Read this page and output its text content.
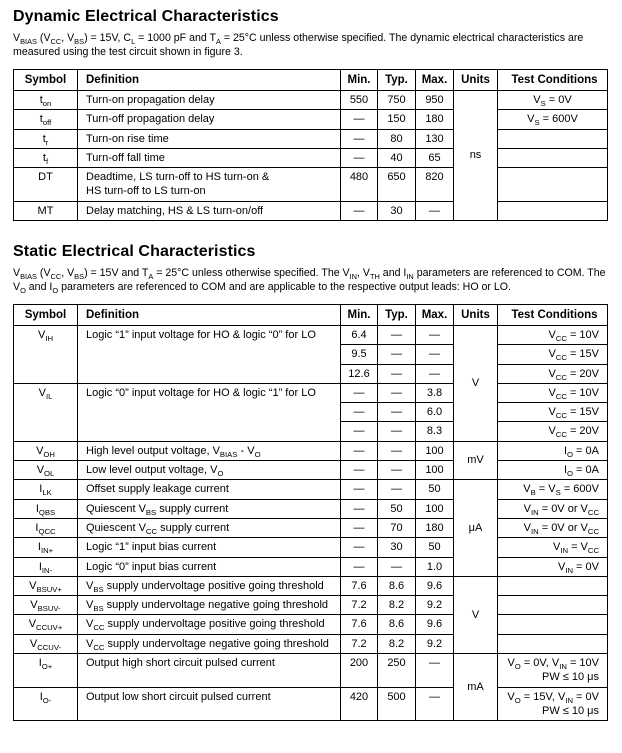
Dynamic Electrical Characteristics

$V_{BIAS}$ ($V_{CC}$, $V_{BS}) = 15V$, $C_L = 1000$ pF and $T_A = 25^\circ C$ unless otherwise specified. The dynamic electrical characteristics are measured using the test circuit shown in figure 3.

Symbol	Definition	Min.	Typ.	Max.	Units	Test Conditions
$t_{on}$	Turn-on propagation delay	550	750	950	ns	$V_S = 0V$
$t_{off}$	Turn-off propagation delay	—	150	180		$V_S = 600V$
$t_r$	Turn-on rise time	—	80	130		
$t_f$	Turn-off fall time	—	40	65		
DT	Deadtime, LS turn-off to HS turn-on &
HS turn-off to LS turn-on	480	650	820		
MT	Delay matching, HS & LS turn-on/off	—	30	—		
Static Electrical Characteristics

$V_{BIAS}$ ($V_{CC}$, $V_{BS}) = 15V$ and $T_A = 25^\circ C$ unless otherwise specified. The $V_{IN}$, $V_{TH}$ and $I_{IN}$ parameters are referenced to COM. The $V_O$ and $I_O$ parameters are referenced to COM and are applicable to the respective output leads: HO or LO.

Symbol	Definition	Min.	Typ.	Max.	Units	Test Conditions
$V_{IH}$	Logic “1” input voltage for HO & logic “0” for LO	6.4	—	—	V	$V_{CC} = 10V$
		9.5	—	—		$V_{CC} = 15V$
		12.6	—	—		$V_{CC} = 20V$
$V_{IL}$	Logic “0” input voltage for HO & logic “1” for LO	—	—	3.8		$V_{CC} = 10V$
		—	—	6.0		$V_{CC} = 15V$
		—	—	8.3		$V_{CC} = 20V$
$V_{OH}$	High level output voltage, $V_{BIAS} - V_O$	—	—	100	mV	$I_O = 0A$
$V_{OL}$	Low level output voltage, $V_O$	—	—	100		$I_O = 0A$
$I_{LK}$	Offset supply leakage current	—	—	50	μA	$V_B = V_S = 600V$
$I_{QBS}$	Quiescent $V_{BS}$ supply current	—	50	100		$V_{IN} = 0V$ or $V_{CC}$
$I_{QCC}$	Quiescent $V_{CC}$ supply current	—	70	180		$V_{IN} = 0V$ or $V_{CC}$
$I_{IN+}$	Logic “1” input bias current	—	30	50		$V_{IN} = V_{CC}$
$I_{IN-}$	Logic “0” input bias current	—	—	1.0		$V_{IN} = 0V$
$V_{BSUV+}$	$V_{BS}$ supply undervoltage positive going threshold	7.6	8.6	9.6	V	
$V_{BSUV-}$	$V_{BS}$ supply undervoltage negative going threshold	7.2	8.2	9.2		
$V_{CCUV+}$	$V_{CC}$ supply undervoltage positive going threshold	7.6	8.6	9.6		
$V_{CCUV-}$	$V_{CC}$ supply undervoltage negative going threshold	7.2	8.2	9.2		
$I_{O+}$	Output high short circuit pulsed current	200	250	—	mA	$V_O = 0V$, $V_{IN} = 10V$
PW ≤ 10 μs
$I_{O-}$	Output low short circuit pulsed current	420	500	—		$V_O = 15V$, $V_{IN} = 0V$
PW ≤ 10 μs
